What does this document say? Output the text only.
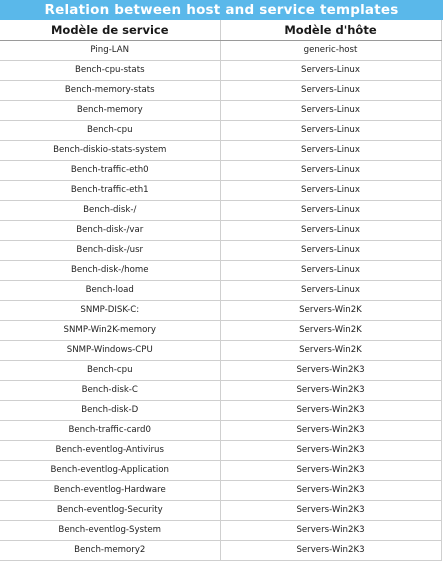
Relation between host and service templates
Modèle de service	Modèle d'hôte
Ping-LAN	generic-host
Bench-cpu-stats	Servers-Linux
Bench-memory-stats	Servers-Linux
Bench-memory	Servers-Linux
Bench-cpu	Servers-Linux
Bench-diskio-stats-system	Servers-Linux
Bench-traffic-eth0	Servers-Linux
Bench-traffic-eth1	Servers-Linux
Bench-disk-/	Servers-Linux
Bench-disk-/var	Servers-Linux
Bench-disk-/usr	Servers-Linux
Bench-disk-/home	Servers-Linux
Bench-load	Servers-Linux
SNMP-DISK-C:	Servers-Win2K
SNMP-Win2K-memory	Servers-Win2K
SNMP-Windows-CPU	Servers-Win2K
Bench-cpu	Servers-Win2K3
Bench-disk-C	Servers-Win2K3
Bench-disk-D	Servers-Win2K3
Bench-traffic-card0	Servers-Win2K3
Bench-eventlog-Antivirus	Servers-Win2K3
Bench-eventlog-Application	Servers-Win2K3
Bench-eventlog-Hardware	Servers-Win2K3
Bench-eventlog-Security	Servers-Win2K3
Bench-eventlog-System	Servers-Win2K3
Bench-memory2	Servers-Win2K3
